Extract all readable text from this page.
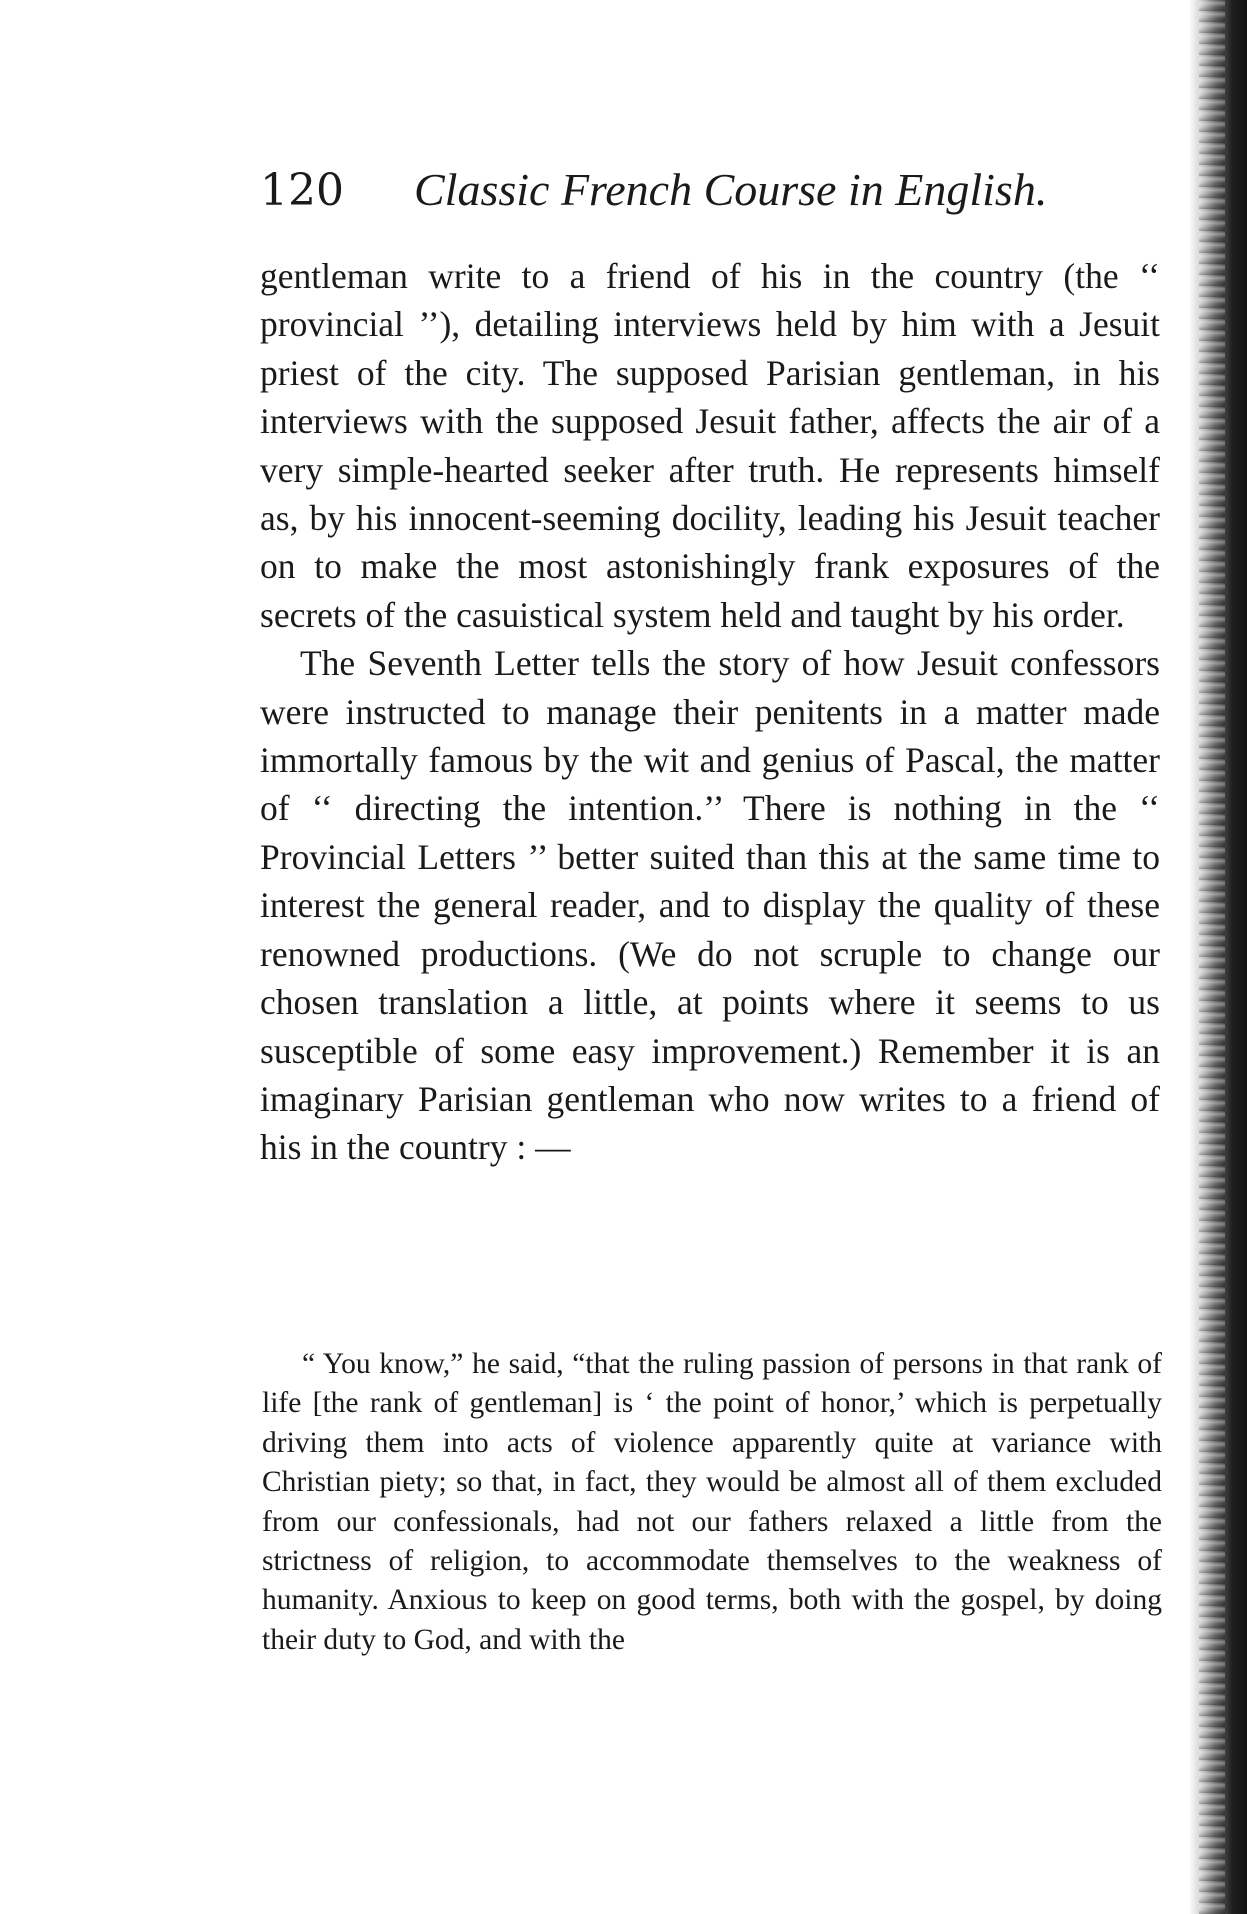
120 Classic French Course in English.

gentleman write to a friend of his in the country (the ‘‘ provincial ’’), detailing interviews held by him with a Jesuit priest of the city. The supposed Parisian gentleman, in his interviews with the supposed Jesuit father, affects the air of a very simple-hearted seeker after truth. He represents himself as, by his innocent-seeming docility, leading his Jesuit teacher on to make the most astonishingly frank exposures of the secrets of the casuistical system held and taught by his order.

The Seventh Letter tells the story of how Jesuit confessors were instructed to manage their penitents in a matter made immortally famous by the wit and genius of Pascal, the matter of ‘‘ directing the intention.’’ There is nothing in the ‘‘ Provincial Letters ’’ better suited than this at the same time to interest the general reader, and to display the quality of these renowned productions. (We do not scruple to change our chosen translation a little, at points where it seems to us susceptible of some easy improvement.) Remember it is an imaginary Parisian gentleman who now writes to a friend of his in the country : —

“ You know,” he said, “that the ruling passion of persons in that rank of life [the rank of gentleman] is ‘ the point of honor,’ which is perpetually driving them into acts of violence apparently quite at variance with Christian piety; so that, in fact, they would be almost all of them excluded from our confessionals, had not our fathers relaxed a little from the strictness of religion, to accommodate themselves to the weakness of humanity. Anxious to keep on good terms, both with the gospel, by doing their duty to God, and with the
